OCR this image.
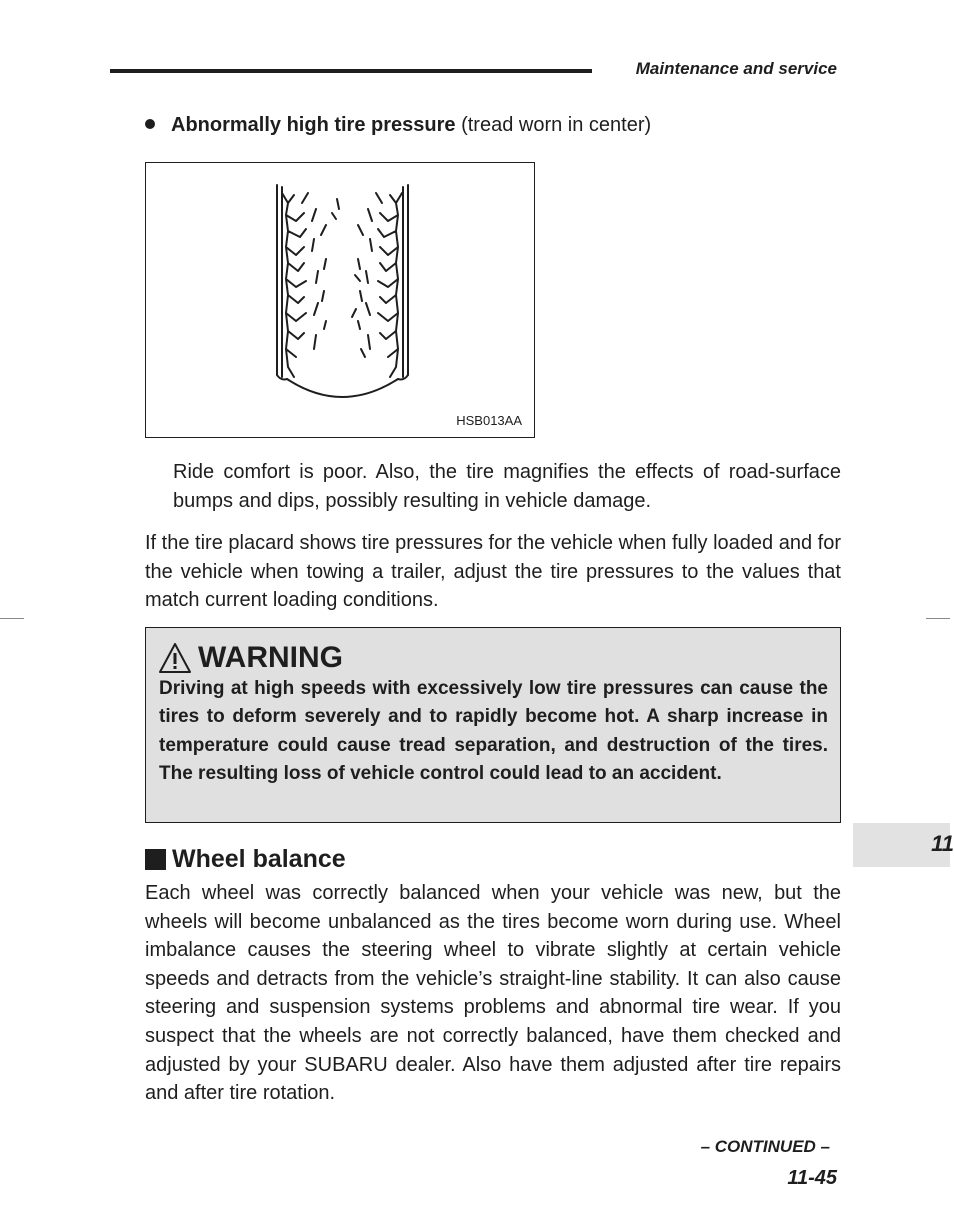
Maintenance and service
11
Abnormally high tire pressure (tread worn in center)
HSB013AA
Ride comfort is poor. Also, the tire magnifies the effects of road-surface bumps and dips, possibly resulting in vehicle damage.
If the tire placard shows tire pressures for the vehicle when fully loaded and for the vehicle when towing a trailer, adjust the tire pressures to the values that match current loading conditions.
WARNING
Driving at high speeds with excessively low tire pressures can cause the tires to deform severely and to rapidly become hot. A sharp increase in temperature could cause tread separation, and destruction of the tires. The resulting loss of vehicle control could lead to an accident.
Wheel balance
Each wheel was correctly balanced when your vehicle was new, but the wheels will become unbalanced as the tires become worn during use. Wheel imbalance causes the steering wheel to vibrate slightly at certain vehicle speeds and detracts from the vehicle’s straight-line stability. It can also cause steering and suspension systems problems and abnormal tire wear. If you suspect that the wheels are not correctly balanced, have them checked and adjusted by your SUBARU dealer. Also have them adjusted after tire repairs and after tire rotation.
– CONTINUED –
11-45
